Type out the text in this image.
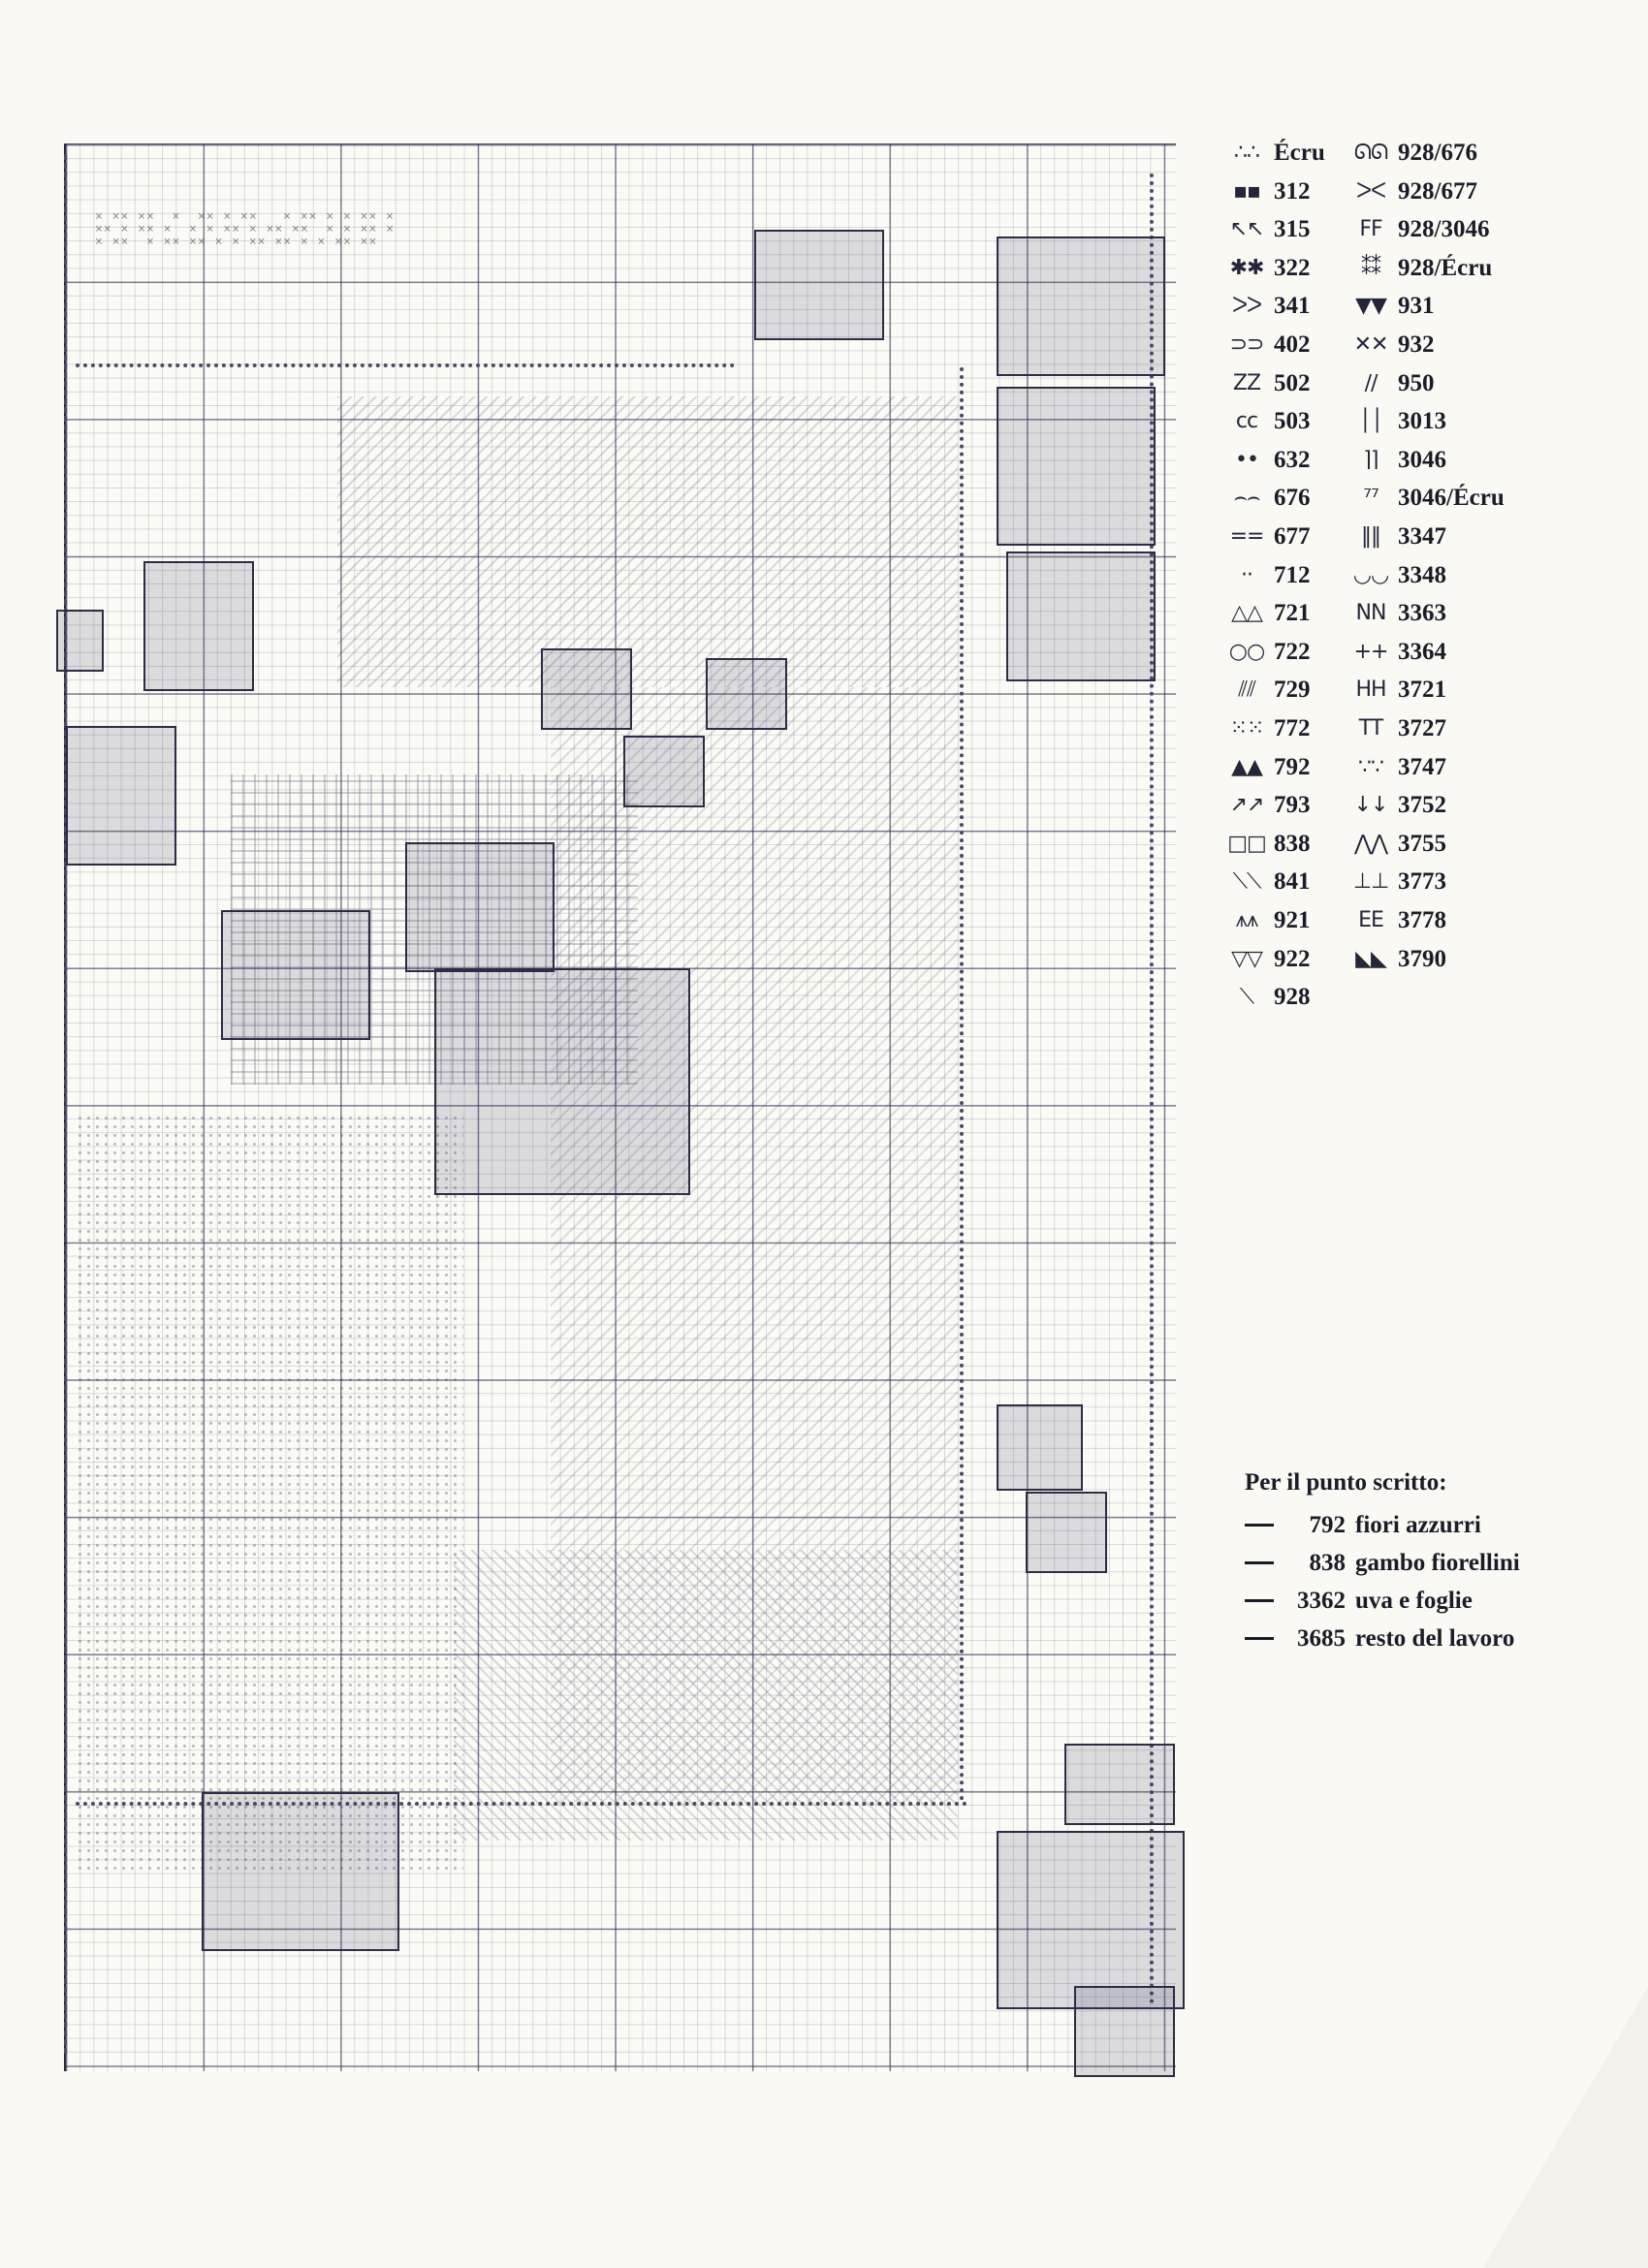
× ×× ××  ×  ×× × ××   × ×× × × ×× ×
×× × ×× ×  × × ×× × ×× ××  × × ×× ×
× ××  × ×× ×× × × ×× ×× × × ×× ××
∴∴ Écru
▪▪ 312
↖↖ 315
✱✱ 322
ᐳᐳ 341
⊃⊃ 402
ZZ 502
cc 503
•• 632
⌢⌢ 676
== 677
·· 712
△△ 721
○○ 722
⫽⫽ 729
⁙⁙ 772
▲▲ 792
↗↗ 793
□□ 838
⟍⟍ 841
⩚⩚ 921
▽▽ 922
⟍ 928
ᘏᘏ 928/676
ᐳᐸ 928/677
FF 928/3046
⁑⁑ 928/Écru
▼▼ 931
✕✕ 932
∕∕ 950
││ 3013
⌉⌉ 3046
⁷⁷ 3046/Écru
‖‖ 3347
◡◡ 3348
NN 3363
++ 3364
HH 3721
TT 3727
∵∵ 3747
↓↓ 3752
⋀⋀ 3755
⊥⊥ 3773
ЕЕ 3778
◣◣ 3790
Per il punto scritto:
792 fiori azzurri
838 gambo fiorellini
3362 uva e foglie
3685 resto del lavoro
